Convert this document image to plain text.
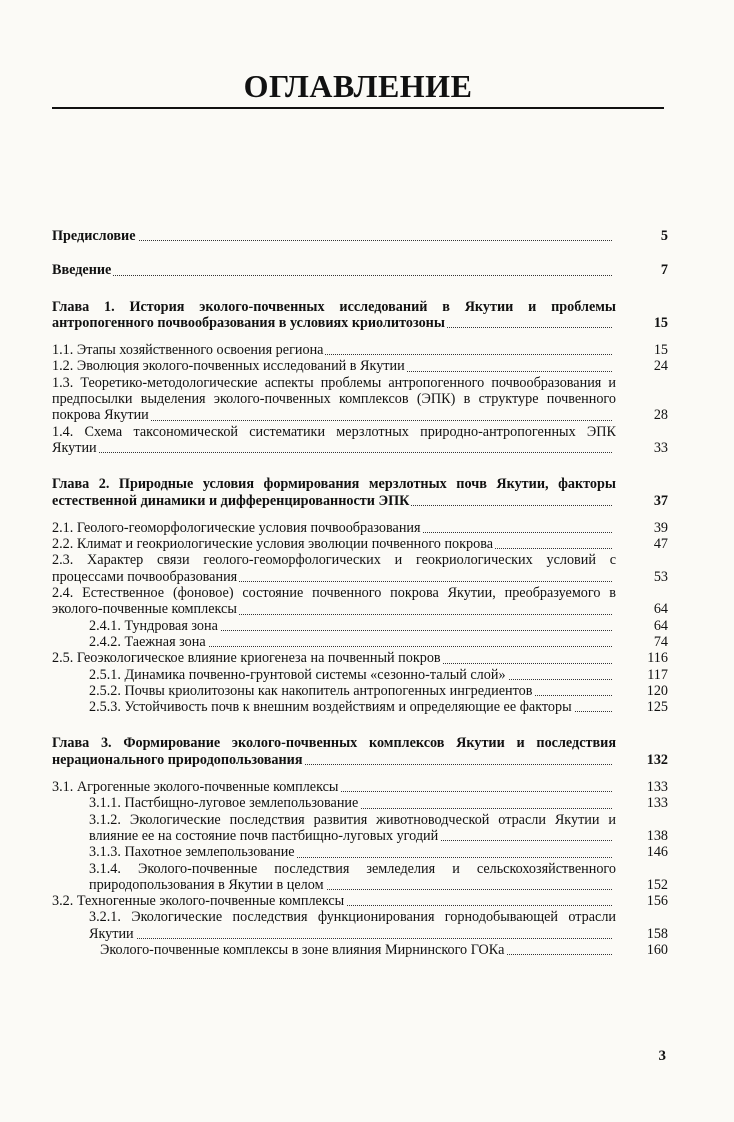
ОГЛАВЛЕНИЕ
Предисловие	5
Введение	7
Глава 1. История эколого-почвенных исследований в Якутии и проблемы антропогенного почвообразования в условиях криолитозоны	15
1.1. Этапы хозяйственного освоения региона	15
1.2. Эволюция эколого-почвенных исследований в Якутии	24
1.3. Теоретико-методологические аспекты проблемы антропогенного почвообразования и предпосылки выделения эколого-почвенных комплексов (ЭПК) в структуре почвенного покрова Якутии	28
1.4. Схема таксономической систематики мерзлотных природно-антропогенных ЭПК Якутии	33
Глава 2. Природные условия формирования мерзлотных почв Якутии, факторы естественной динамики и дифференцированности ЭПК	37
2.1. Геолого-геоморфологические условия почвообразования	39
2.2. Климат и геокриологические условия эволюции почвенного покрова	47
2.3. Характер связи геолого-геоморфологических и геокриологических условий с процессами почвообразования	53
2.4. Естественное (фоновое) состояние почвенного покрова Якутии, преобразуемого в эколого-почвенные комплексы	64
2.4.1. Тундровая зона	64
2.4.2. Таежная зона	74
2.5. Геоэкологическое влияние криогенеза на почвенный покров	116
2.5.1. Динамика почвенно-грунтовой системы «сезонно-талый слой»	117
2.5.2. Почвы криолитозоны как накопитель антропогенных ингредиентов	120
2.5.3. Устойчивость почв к внешним воздействиям и определяющие ее факторы	125
Глава 3. Формирование эколого-почвенных комплексов Якутии и последствия нерационального природопользования	132
3.1. Агрогенные эколого-почвенные комплексы	133
3.1.1. Пастбищно-луговое землепользование	133
3.1.2. Экологические последствия развития животноводческой отрасли Якутии и влияние ее на состояние почв пастбищно-луговых угодий	138
3.1.3. Пахотное землепользование	146
3.1.4. Эколого-почвенные последствия земледелия и сельскохозяйственного природопользования в Якутии в целом	152
3.2. Техногенные эколого-почвенные комплексы	156
3.2.1. Экологические последствия функционирования горнодобывающей отрасли Якутии	158
Эколого-почвенные комплексы в зоне влияния Мирнинского ГОКа	160
3
